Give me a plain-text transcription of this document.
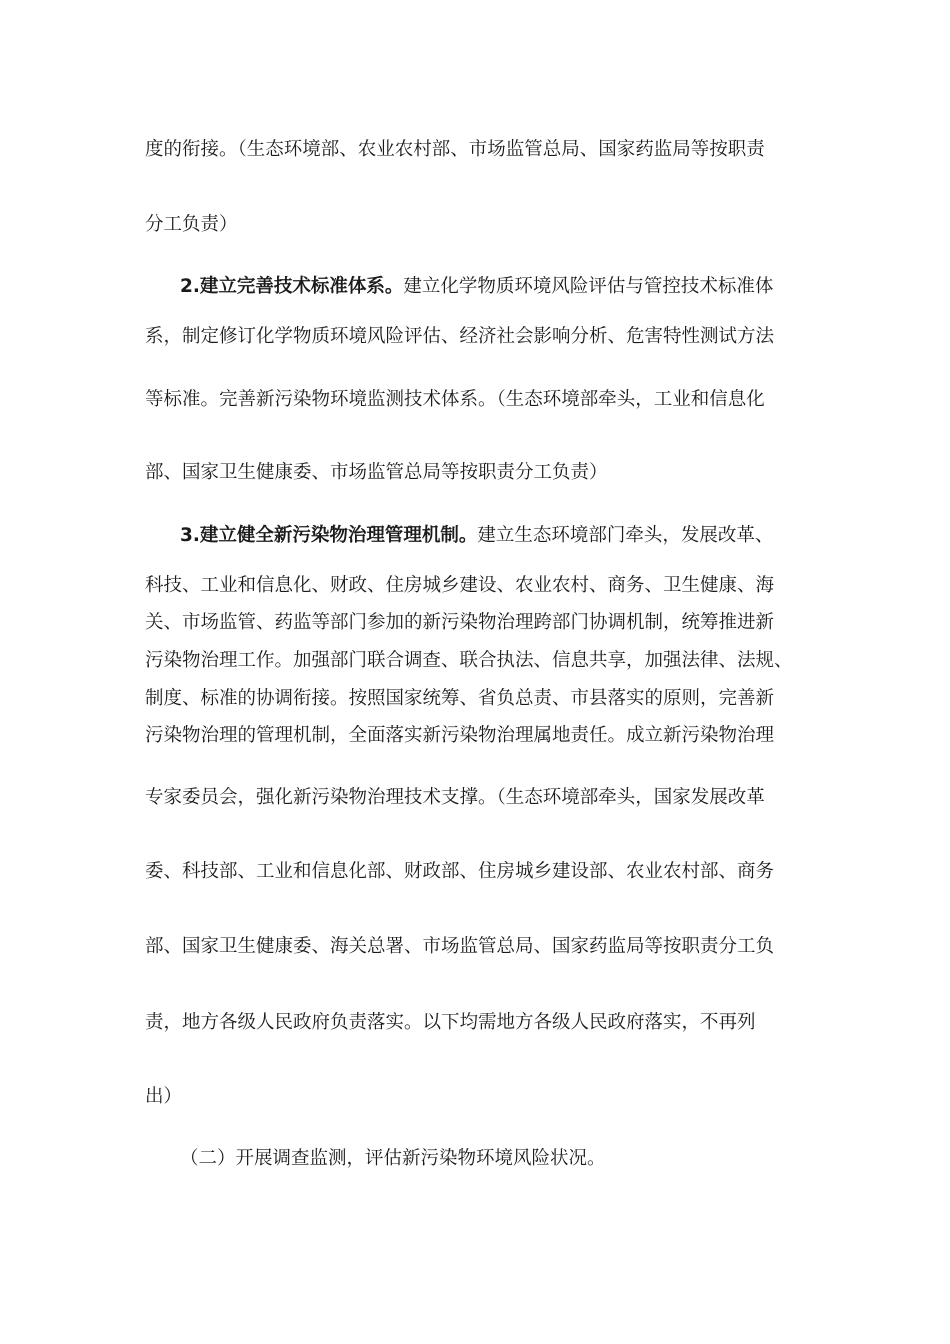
度的衔接。（生态环境部、农业农村部、市场监管总局、国家药监局等按职责
分工负责）
2.建立完善技术标准体系。建立化学物质环境风险评估与管控技术标准体
系，制定修订化学物质环境风险评估、经济社会影响分析、危害特性测试方法
等标准。完善新污染物环境监测技术体系。（生态环境部牵头，工业和信息化
部、国家卫生健康委、市场监管总局等按职责分工负责）
3.建立健全新污染物治理管理机制。建立生态环境部门牵头，发展改革、
科技、工业和信息化、财政、住房城乡建设、农业农村、商务、卫生健康、海
关、市场监管、药监等部门参加的新污染物治理跨部门协调机制，统筹推进新
污染物治理工作。加强部门联合调查、联合执法、信息共享，加强法律、法规、
制度、标准的协调衔接。按照国家统筹、省负总责、市县落实的原则，完善新
污染物治理的管理机制，全面落实新污染物治理属地责任。成立新污染物治理
专家委员会，强化新污染物治理技术支撑。（生态环境部牵头，国家发展改革
委、科技部、工业和信息化部、财政部、住房城乡建设部、农业农村部、商务
部、国家卫生健康委、海关总署、市场监管总局、国家药监局等按职责分工负
责，地方各级人民政府负责落实。以下均需地方各级人民政府落实，不再列
出）
（二）开展调查监测，评估新污染物环境风险状况。
